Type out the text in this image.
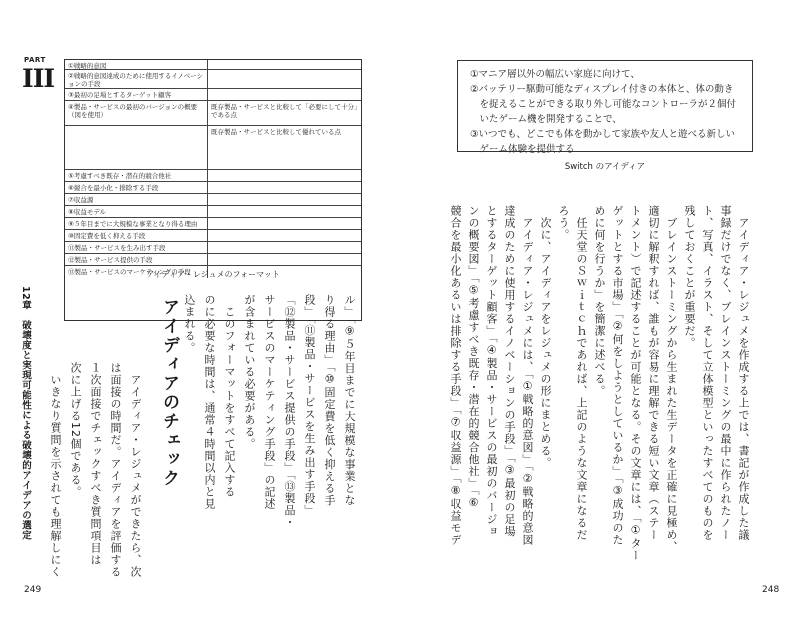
PART
III	①戦略的意図
②戦略的意図達成のために使用するイノベーションの手段
③最初の足場とするターゲット顧客
④製品・サービスの最初のバージョンの概要（図を使用）
既存製品・サービスと比較して「必要にして十分」である点
既存製品・サービスと比較して優れている点
⑤考慮すべき既存・潜在的競合他社
⑥競合を最小化・排除する手段
⑦収益源
⑧収益モデル
⑨５年目までに大規模な事業となり得る理由
⑩固定費を低く抑える手段
⑪製品・サービスを生み出す手段
⑫製品・サービス提供の手段
⑬製品・サービスのマーケティングの手段
アイディア・レジュメのフォーマット
12章　破壊度と実現可能性による破壊的アイデアの選定	ル」「⑨５年目までに大規模な事業とな
り得る理由」「⑩固定費を低く抑える手
段」「⑪製品・サービスを生み出す手段」
「⑫製品・サービス提供の手段」「⑬製品・
サービスのマーケティング手段」の記述
が含まれている必要がある。
　このフォーマットをすべて記入する
のに必要な時間は、通常４時間以内と見
込まれる。
アイディアのチェック
　アイディア・レジュメができたら、次
は面接の時間だ。アイディアを評価する
１次面接でチェックすべき質問項目は
次に上げる12個である。
　いきなり質問を示されても理解しにく
249
①マニア層以外の幅広い家庭に向けて、
②バッテリー駆動可能なディスプレイ付きの本体と、体の動き
　を捉えることができる取り外し可能なコントローラが２個付
　いたゲーム機を開発することで、
③いつでも、どこでも体を動かして家族や友人と遊べる新しい
　ゲーム体験を提供する
Switch のアイディア
　アイディア・レジュメを作成する上では、書記が作成した議
事録だけでなく、ブレインストーミングの最中に作られたノー
ト、写真、イラスト、そして立体模型といったすべてのものを
残しておくことが重要だ。
　ブレインストーミングから生まれた生データを正確に見極め、
適切に解釈すれば、誰もが容易に理解できる短い文章（ステー
トメント）で記述することが可能となる。その文章には、「①ター
ゲットとする市場」「②何をしようとしているか」「③成功のた
めに何を行うか」を簡潔に述べる。
　任天堂のＳｗｉｔｃｈであれば、上記のような文章になるだ
ろう。
　次に、アイディアをレジュメの形にまとめる。
　アイディア・レジュメには、「①戦略的意図」「②戦略的意図
達成のために使用するイノベーションの手段」「③最初の足場
とするターゲット顧客」「④製品・サービスの最初のバージョ
ンの概要図」「⑤考慮すべき既存・潜在的競合他社」「⑥
競合を最小化あるいは排除する手段」「⑦収益源」「⑧収益モデ
248
